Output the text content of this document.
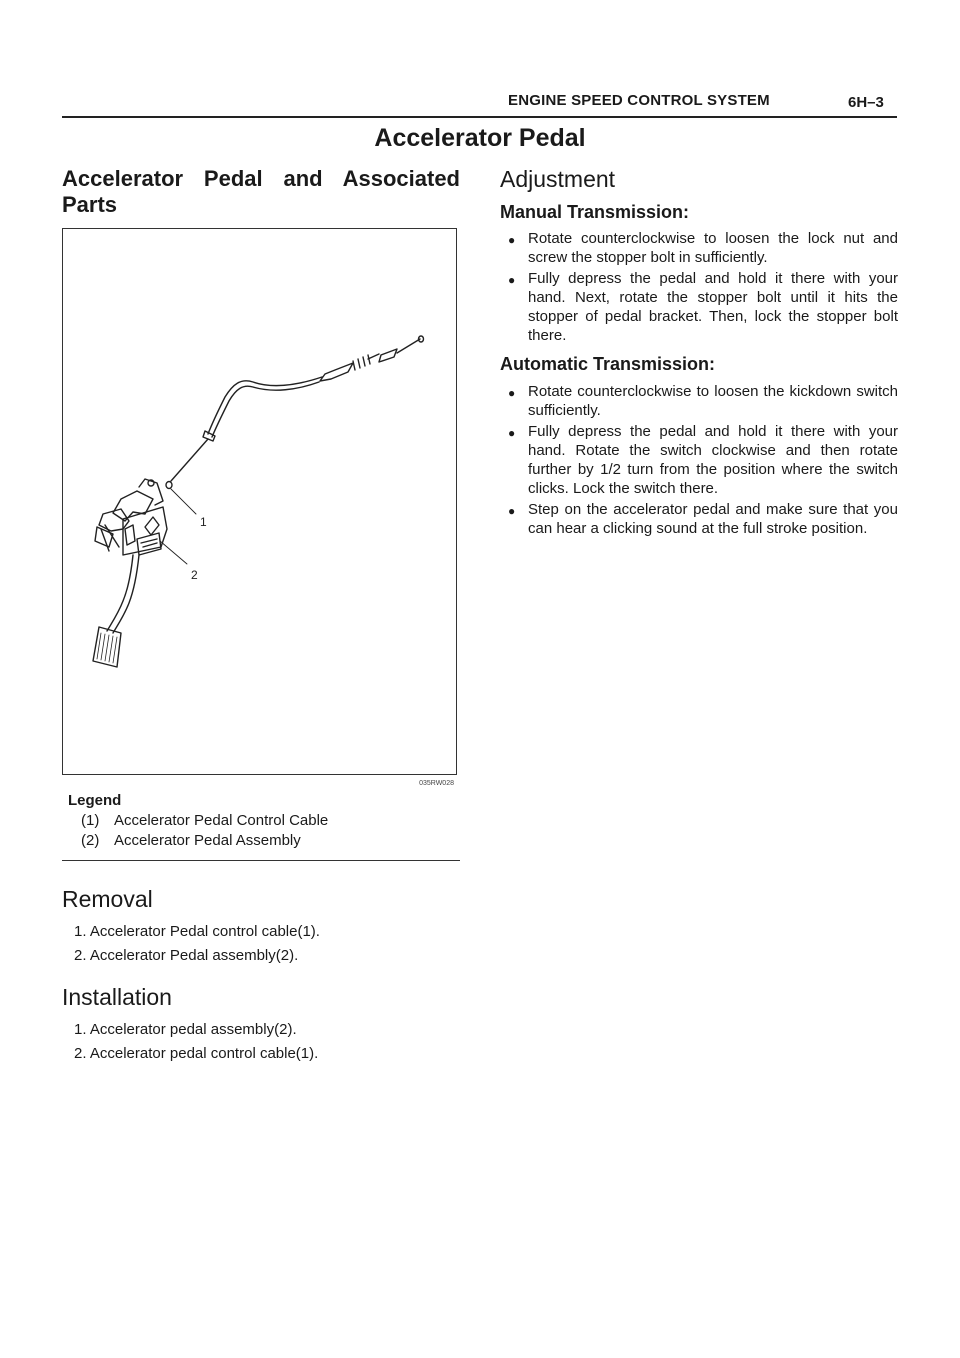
ENGINE SPEED CONTROL SYSTEM	6H–3
Accelerator Pedal
Accelerator Pedal and Associated Parts
1
2
035RW028
Legend
(1) Accelerator Pedal Control Cable
(2) Accelerator Pedal Assembly
Removal
1. Accelerator Pedal control cable(1).
2. Accelerator Pedal assembly(2).
Installation
1. Accelerator pedal assembly(2).
2. Accelerator pedal control cable(1).
Adjustment
Manual Transmission:
● Rotate counterclockwise to loosen the lock nut and screw the stopper bolt in sufficiently.
● Fully depress the pedal and hold it there with your hand. Next, rotate the stopper bolt until it hits the stopper of pedal bracket. Then, lock the stopper bolt there.
Automatic Transmission:
● Rotate counterclockwise to loosen the kickdown switch sufficiently.
● Fully depress the pedal and hold it there with your hand. Rotate the switch clockwise and then rotate further by 1/2 turn from the position where the switch clicks. Lock the switch there.
● Step on the accelerator pedal and make sure that you can hear a clicking sound at the full stroke position.
